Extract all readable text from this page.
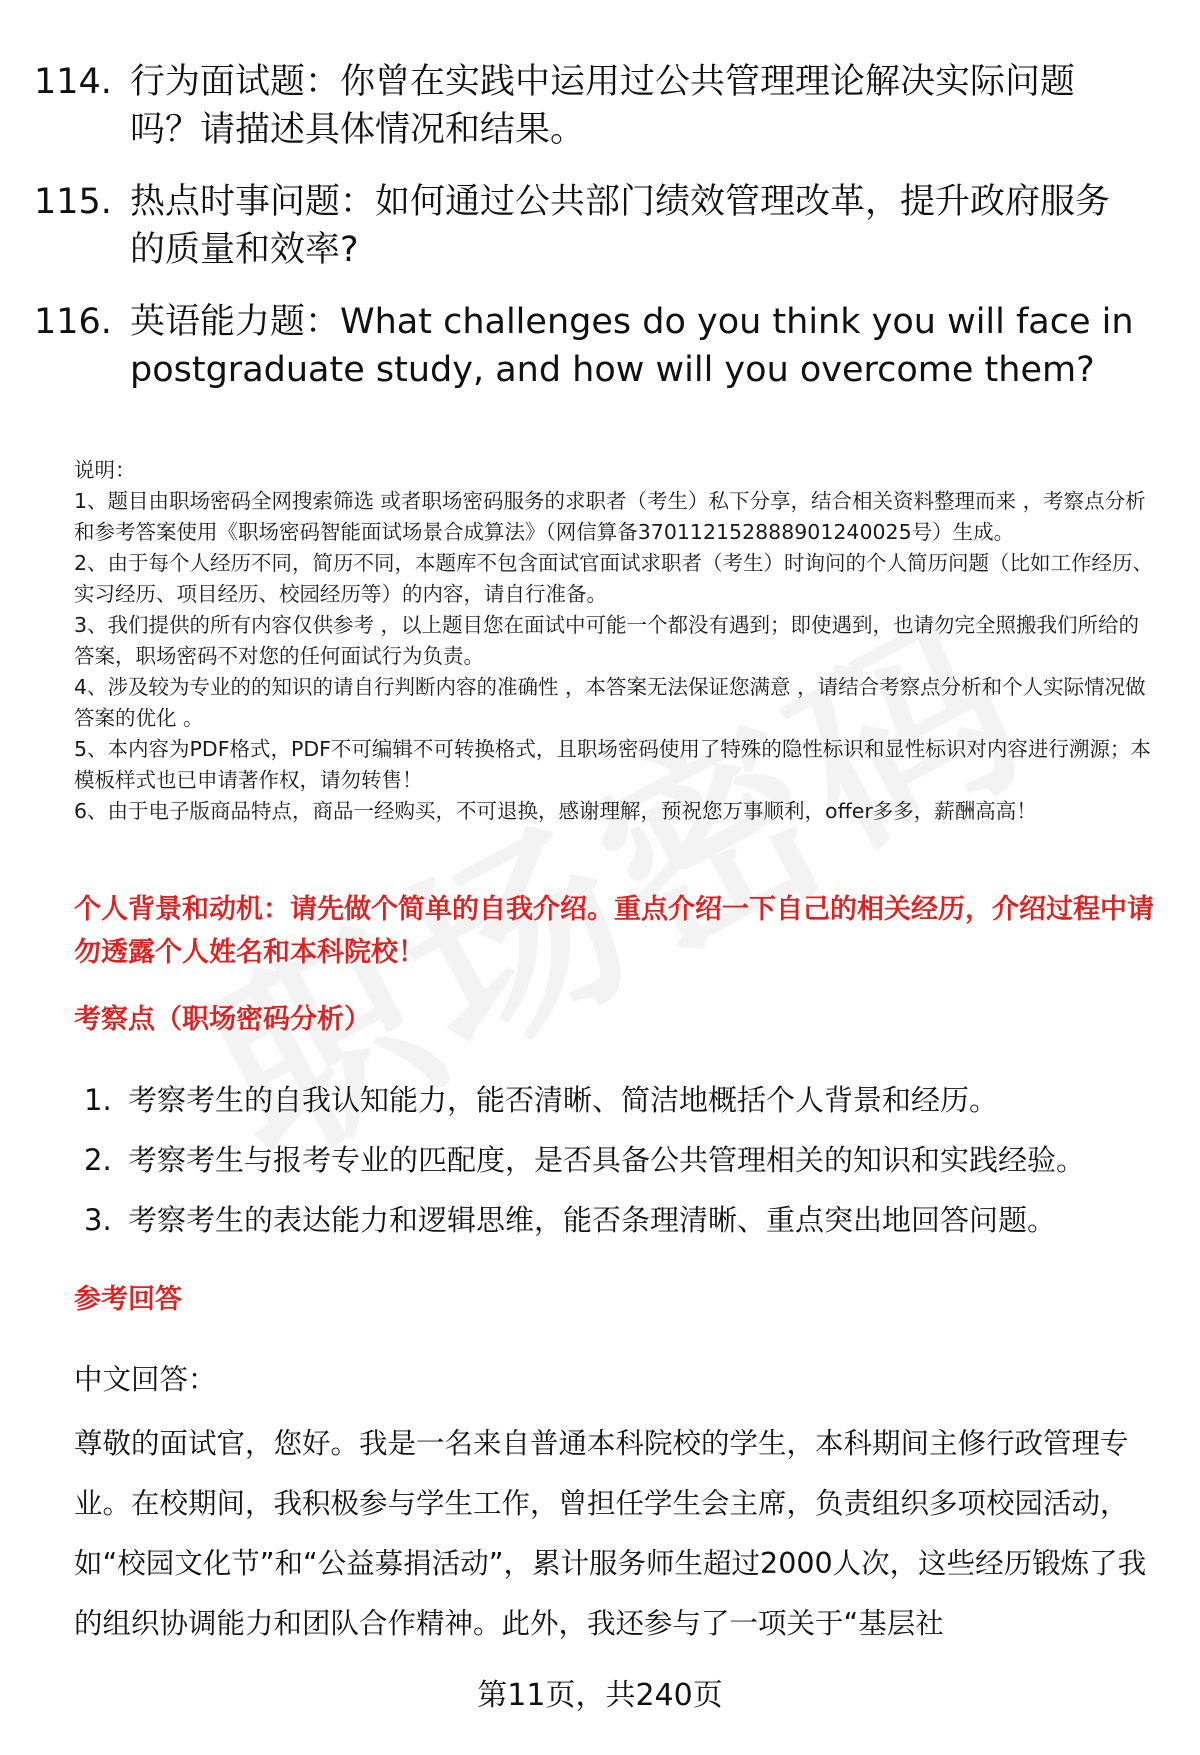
114. 行为面试题：你曾在实践中运用过公共管理理论解决实际问题吗？请描述具体情况和结果。
115. 热点时事问题：如何通过公共部门绩效管理改革，提升政府服务的质量和效率?
116. 英语能力题：What challenges do you think you will face in postgraduate study, and how will you overcome them?

说明：

1、题目由职场密码全网搜索筛选 或者职场密码服务的求职者（考生）私下分享，结合相关资料整理而来 ，考察点分析和参考答案使用《职场密码智能面试场景合成算法》（网信算备370112152888901240025号）生成。

2、由于每个人经历不同，简历不同，本题库不包含面试官面试求职者（考生）时询问的个人简历问题（比如工作经历、实习经历、项目经历、校园经历等）的内容，请自行准备。

3、我们提供的所有内容仅供参考 ，以上题目您在面试中可能一个都没有遇到；即使遇到，也请勿完全照搬我们所给的答案，职场密码不对您的任何面试行为负责。

4、涉及较为专业的的知识的请自行判断内容的准确性 ，本答案无法保证您满意 ，请结合考察点分析和个人实际情况做答案的优化 。

5、本内容为PDF格式，PDF不可编辑不可转换格式，且职场密码使用了特殊的隐性标识和显性标识对内容进行溯源；本模板样式也已申请著作权，请勿转售！

6、由于电子版商品特点，商品一经购买，不可退换，感谢理解，预祝您万事顺利，offer多多，薪酬高高！

个人背景和动机：请先做个简单的自我介绍。重点介绍一下自己的相关经历，介绍过程中请勿透露个人姓名和本科院校！
考察点（职场密码分析）
1. 考察考生的自我认知能力，能否清晰、简洁地概括个人背景和经历。
2. 考察考生与报考专业的匹配度，是否具备公共管理相关的知识和实践经验。
3. 考察考生的表达能力和逻辑思维，能否条理清晰、重点突出地回答问题。
参考回答
中文回答：

尊敬的面试官，您好。我是一名来自普通本科院校的学生，本科期间主修行政管理专业。在校期间，我积极参与学生工作，曾担任学生会主席，负责组织多项校园活动，如“校园文化节”和“公益募捐活动”，累计服务师生超过2000人次，这些经历锻炼了我的组织协调能力和团队合作精神。此外，我还参与了一项关于“基层社

第11页，共240页
